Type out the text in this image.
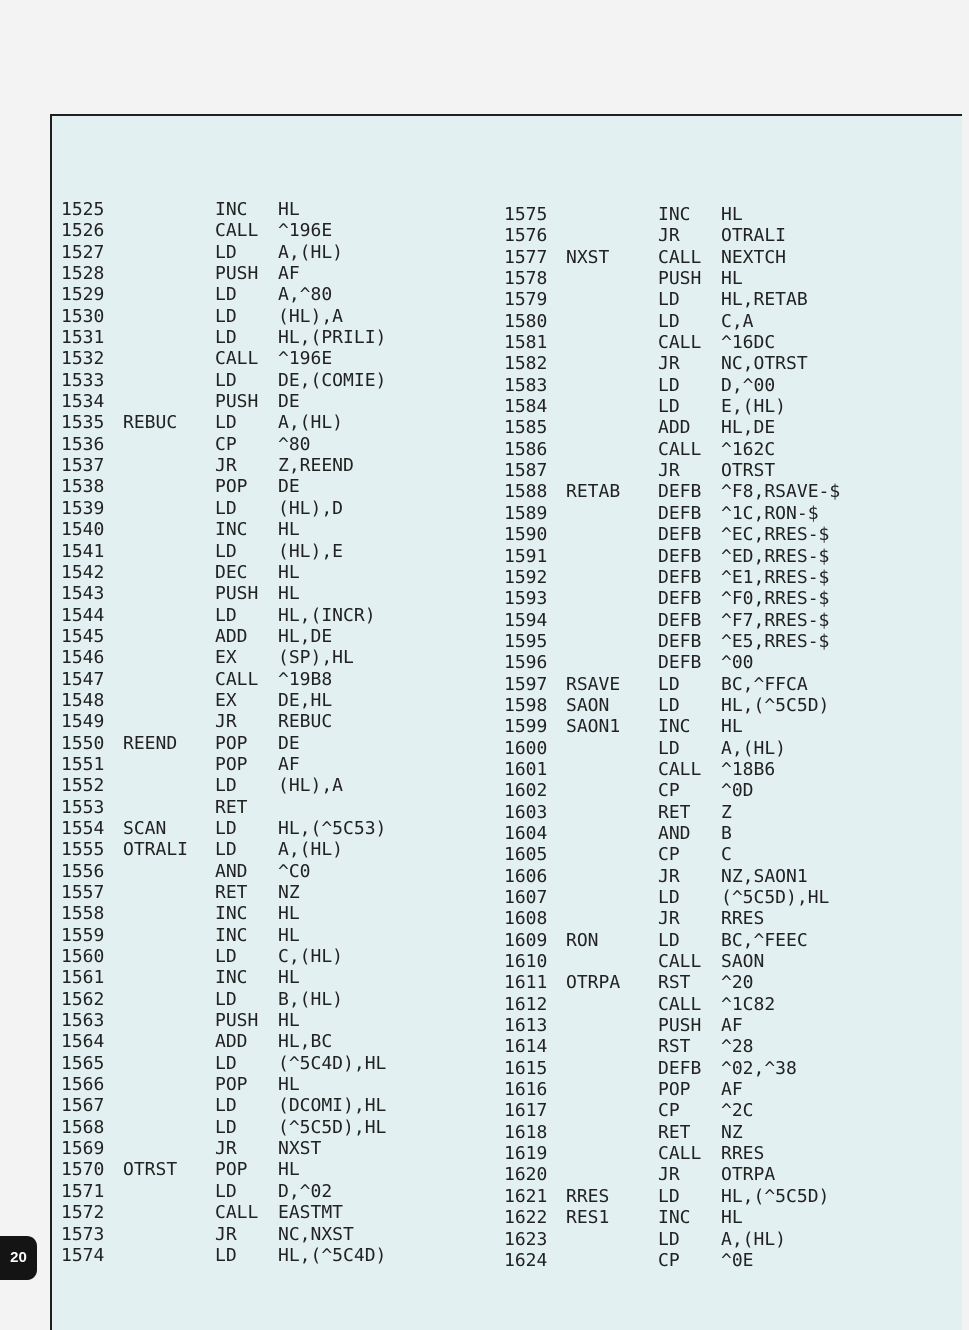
1525	INC HL
1526	CALL ^196E
1527	LD A,(HL)
1528	PUSH AF
1529	LD A,^80
1530	LD (HL),A
1531	LD HL,(PRILI)
1532	CALL ^196E
1533	LD DE,(COMIE)
1534	PUSH DE
1535 REBUC LD A,(HL)
1536	CP ^80
1537	JR Z,REEND
1538	POP DE
1539	LD (HL),D
1540	INC HL
1541	LD (HL),E
1542	DEC HL
1543	PUSH HL
1544	LD HL,(INCR)
1545	ADD HL,DE
1546	EX (SP),HL
1547	CALL ^19B8
1548	EX DE,HL
1549	JR REBUC
1550 REEND POP DE
1551	POP AF
1552	LD (HL),A
1553	RET
1554 SCAN	LD HL,(^5C53)
1555 OTRALI LD A,(HL)
1556	AND ^C0
1557	RET NZ
1558	INC HL
1559	INC HL
1560	LD C,(HL)
1561	INC HL
1562	LD B,(HL)
1563	PUSH HL
1564	ADD HL,BC
1565	LD (^5C4D),HL
1566	POP HL
1567	LD (DCOMI),HL
1568	LD (^5C5D),HL
1569	JR NXST
1570 OTRST POP HL
1571	LD D,^02
1572	CALL EASTMT
1573	JR NC,NXST
1574	LD HL,(^5C4D)
1575	INC HL
1576	JR OTRALI
1577 NXST	CALL NEXTCH
1578	PUSH HL
1579	LD HL,RETAB
1580	LD C,A
1581	CALL ^16DC
1582	JR NC,OTRST
1583	LD D,^00
1584	LD E,(HL)
1585	ADD HL,DE
1586	CALL ^162C
1587	JR OTRST
1588 RETAB DEFB ^F8,RSAVE-$
1589	DEFB ^1C,RON-$
1590	DEFB ^EC,RRES-$
1591	DEFB ^ED,RRES-$
1592	DEFB ^E1,RRES-$
1593	DEFB ^F0,RRES-$
1594	DEFB ^F7,RRES-$
1595	DEFB ^E5,RRES-$
1596	DEFB ^00
1597 RSAVE LD BC,^FFCA
1598 SAON	LD HL,(^5C5D)
1599 SAON1 INC HL
1600	LD A,(HL)
1601	CALL ^18B6
1602	CP ^0D
1603	RET Z
1604	AND B
1605	CP C
1606	JR NZ,SAON1
1607	LD (^5C5D),HL
1608	JR RRES
1609 RON	LD BC,^FEEC
1610	CALL SAON
1611 OTRPA RST ^20
1612	CALL ^1C82
1613	PUSH AF
1614	RST ^28
1615	DEFB ^02,^38
1616	POP AF
1617	CP ^2C
1618	RET NZ
1619	CALL RRES
1620	JR OTRPA
1621 RRES	LD HL,(^5C5D)
1622 RES1	INC HL
1623	LD A,(HL)
1624	CP ^0E
20
